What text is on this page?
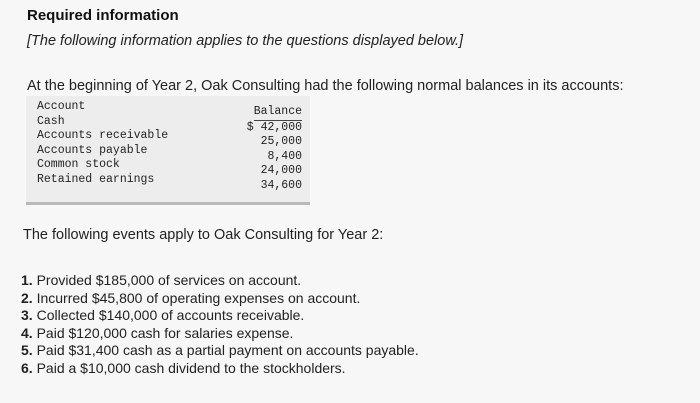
Required information
[The following information applies to the questions displayed below.]
At the beginning of Year 2, Oak Consulting had the following normal balances in its accounts:
Account
Cash
Accounts receivable
Accounts payable
Common stock
Retained earnings
Balance
$ 42,000
25,000
8,400
24,000
34,600
The following events apply to Oak Consulting for Year 2:
1. Provided $185,000 of services on account.
2. Incurred $45,800 of operating expenses on account.
3. Collected $140,000 of accounts receivable.
4. Paid $120,000 cash for salaries expense.
5. Paid $31,400 cash as a partial payment on accounts payable.
6. Paid a $10,000 cash dividend to the stockholders.
